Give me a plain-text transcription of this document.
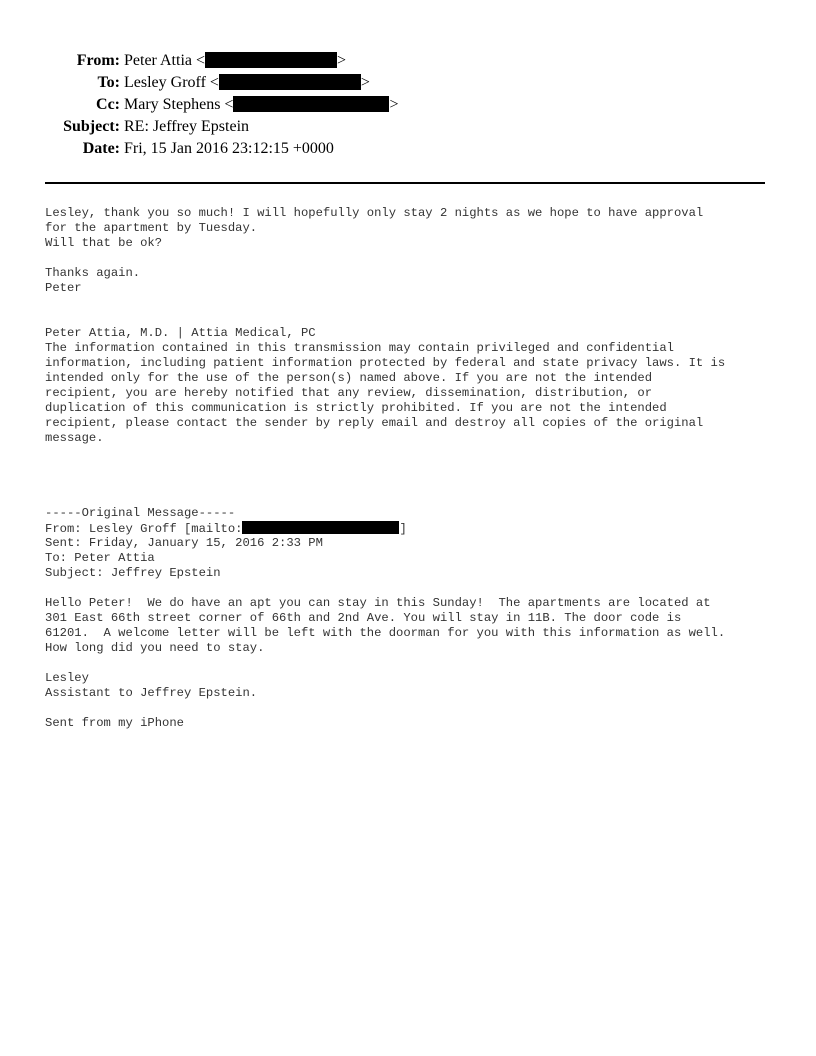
From: Peter Attia <	>
To: Lesley Groff <	>
Cc: Mary Stephens <	>
Subject: RE: Jeffrey Epstein
Date: Fri, 15 Jan 2016 23:12:15 +0000
Lesley, thank you so much! I will hopefully only stay 2 nights as we hope to have approval
for the apartment by Tuesday.
Will that be ok?
Thanks again.
Peter
Peter Attia, M.D. | Attia Medical, PC
The information contained in this transmission may contain privileged and confidential
information, including patient information protected by federal and state privacy laws. It is
intended only for the use of the person(s) named above. If you are not the intended
recipient, you are hereby notified that any review, dissemination, distribution, or
duplication of this communication is strictly prohibited. If you are not the intended
recipient, please contact the sender by reply email and destroy all copies of the original
message.
-----Original Message-----
From: Lesley Groff [mailto:	]
Sent: Friday, January 15, 2016 2:33 PM
To: Peter Attia
Subject: Jeffrey Epstein
Hello Peter!  We do have an apt you can stay in this Sunday!  The apartments are located at
301 East 66th street corner of 66th and 2nd Ave. You will stay in 11B. The door code is
61201.  A welcome letter will be left with the doorman for you with this information as well.
How long did you need to stay.
Lesley
Assistant to Jeffrey Epstein.
Sent from my iPhone
